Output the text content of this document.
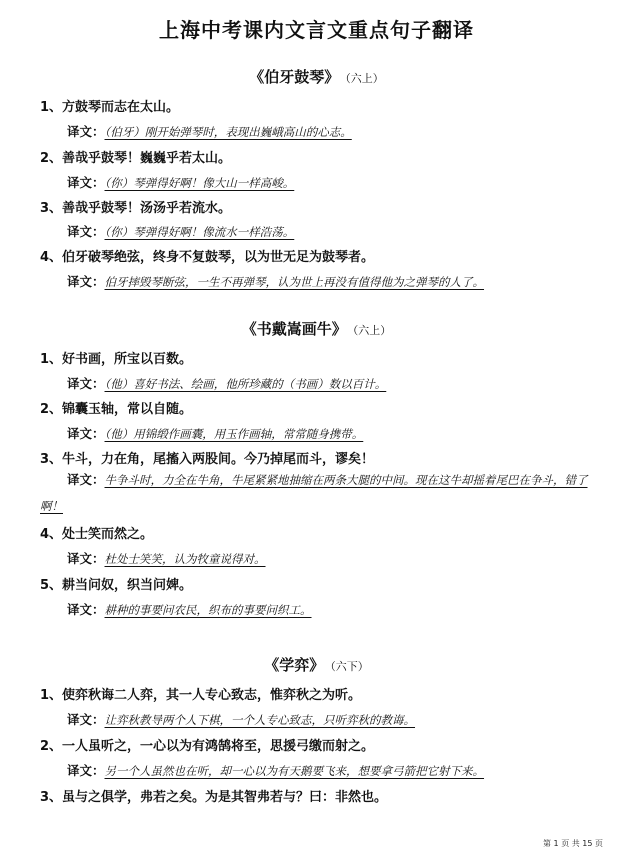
上海中考课内文言文重点句子翻译
《伯牙鼓琴》 （六上）
1、方鼓琴而志在太山。
译文：（伯牙）刚开始弹琴时，表现出巍峨高山的心志。
2、善哉乎鼓琴！巍巍乎若太山。
译文：（你）琴弹得好啊！像大山一样高峻。
3、善哉乎鼓琴！汤汤乎若流水。
译文：（你）琴弹得好啊！像流水一样浩荡。
4、伯牙破琴绝弦，终身不复鼓琴，以为世无足为鼓琴者。
译文：伯牙摔毁琴断弦，一生不再弹琴，认为世上再没有值得他为之弹琴的人了。
《书戴嵩画牛》 （六上）
1、好书画，所宝以百数。
译文：（他）喜好书法、绘画，他所珍藏的（书画）数以百计。
2、锦囊玉轴，常以自随。
译文：（他）用锦缎作画囊，用玉作画轴，常常随身携带。
3、牛斗，力在角，尾搐入两股间。今乃掉尾而斗，谬矣！
译文：牛争斗时，力全在牛角，牛尾紧紧地抽缩在两条大腿的中间。现在这牛却摇着尾巴在争斗，错了啊！
4、处士笑而然之。
译文：杜处士笑笑，认为牧童说得对。
5、耕当问奴，织当问婢。
译文：耕种的事要问农民，织布的事要问织工。
《学弈》 （六下）
1、使弈秋诲二人弈，其一人专心致志，惟弈秋之为听。
译文：让弈秋教导两个人下棋，一个人专心致志，只听弈秋的教诲。
2、一人虽听之，一心以为有鸿鹄将至，思援弓缴而射之。
译文：另一个人虽然也在听，却一心以为有天鹅要飞来，想要拿弓箭把它射下来。
3、虽与之俱学，弗若之矣。为是其智弗若与？曰：非然也。
第 1 页 共 15 页
